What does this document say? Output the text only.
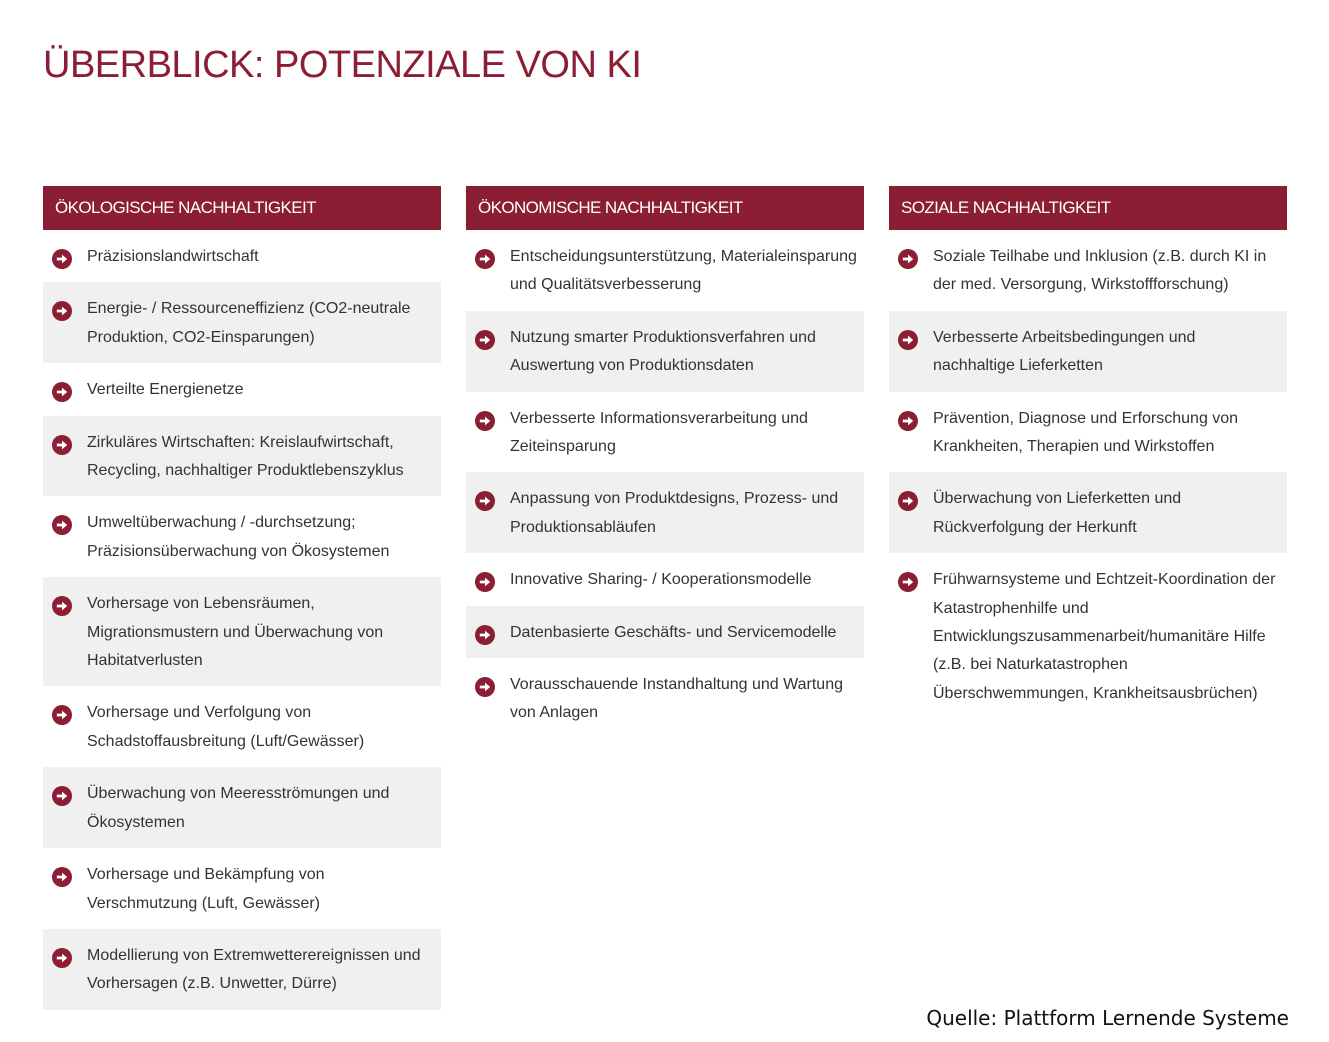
ÜBERBLICK: POTENZIALE VON KI
ÖKOLOGISCHE NACHHALTIGKEIT
Präzisionslandwirtschaft
Energie- / Ressourceneffizienz (CO2-neutrale Produktion, CO2-Einsparungen)
Verteilte Energienetze
Zirkuläres Wirtschaften: Kreislaufwirtschaft, Recycling, nachhaltiger Produktlebenszyklus
Umweltüberwachung / -durchsetzung; Präzisionsüberwachung von Ökosystemen
Vorhersage von Lebensräumen, Migrationsmustern und Überwachung von Habitatverlusten
Vorhersage und Verfolgung von Schadstoffausbreitung (Luft/Gewässer)
Überwachung von Meeresströmungen und Ökosystemen
Vorhersage und Bekämpfung von Verschmutzung (Luft, Gewässer)
Modellierung von Extremwetterereignissen und Vorhersagen (z.B. Unwetter, Dürre)
ÖKONOMISCHE NACHHALTIGKEIT
Entscheidungsunterstützung, Materialeinsparung und Qualitätsverbesserung
Nutzung smarter Produktionsverfahren und Auswertung von Produktionsdaten
Verbesserte Informationsverarbeitung und Zeiteinsparung
Anpassung von Produktdesigns, Prozess- und Produktionsabläufen
Innovative Sharing- / Kooperationsmodelle
Datenbasierte Geschäfts- und Servicemodelle
Vorausschauende Instandhaltung und Wartung von Anlagen
SOZIALE NACHHALTIGKEIT
Soziale Teilhabe und Inklusion (z.B. durch KI in der med. Versorgung, Wirkstoffforschung)
Verbesserte Arbeitsbedingungen und nachhaltige Lieferketten
Prävention, Diagnose und Erforschung von Krankheiten, Therapien und Wirkstoffen
Überwachung von Lieferketten und Rückverfolgung der Herkunft
Frühwarnsysteme und Echtzeit-Koordination der Katastrophenhilfe und Entwicklungszusammenarbeit/humanitäre Hilfe (z.B. bei Naturkatastrophen Überschwemmungen, Krankheitsausbrüchen)
Quelle: Plattform Lernende Systeme
